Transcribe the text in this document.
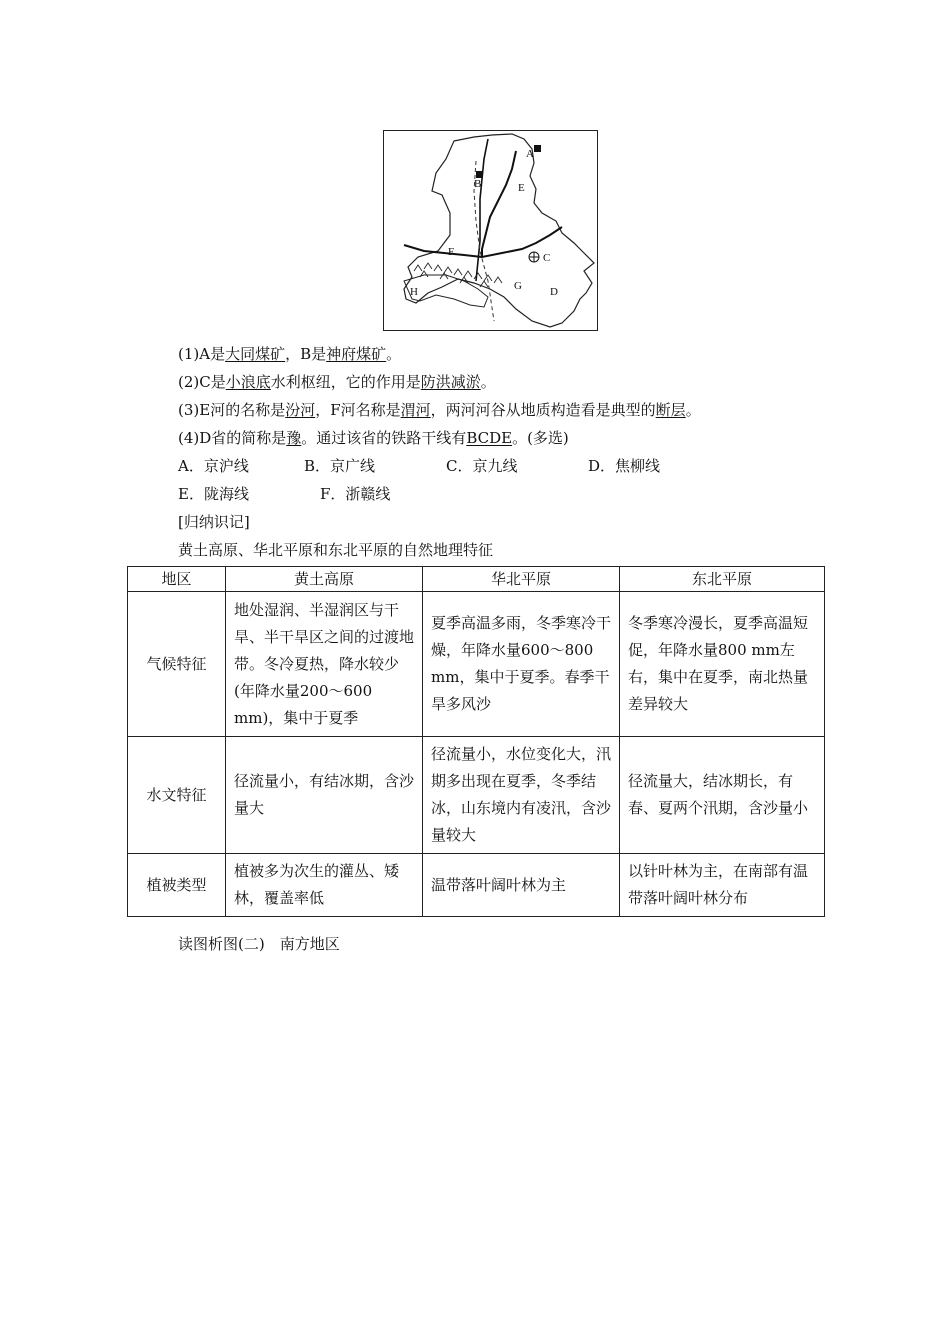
A
B
C
D
E
F
G
H
(1)A是大同煤矿，B是神府煤矿。
(2)C是小浪底水利枢纽，它的作用是防洪减淤。
(3)E河的名称是汾河，F河名称是渭河，两河河谷从地质构造看是典型的断层。
(4)D省的简称是豫。通过该省的铁路干线有BCDE。(多选)
A．京沪线	B．京广线	C．京九线	D．焦柳线
E．陇海线	F．浙赣线
[归纳识记]
黄土高原、华北平原和东北平原的自然地理特征
地区	黄土高原	华北平原	东北平原
气候特征	地处湿润、半湿润区与干旱、半干旱区之间的过渡地带。冬冷夏热，降水较少(年降水量200～600 mm)，集中于夏季	夏季高温多雨，冬季寒冷干燥，年降水量600～800 mm，集中于夏季。春季干旱多风沙	冬季寒冷漫长，夏季高温短促，年降水量800 mm左右，集中在夏季，南北热量差异较大
水文特征	径流量小，有结冰期，含沙量大	径流量小，水位变化大，汛期多出现在夏季，冬季结冰，山东境内有凌汛，含沙量较大	径流量大，结冰期长，有春、夏两个汛期，含沙量小
植被类型	植被多为次生的灌丛、矮林，覆盖率低	温带落叶阔叶林为主	以针叶林为主，在南部有温带落叶阔叶林分布
读图析图(二)　南方地区
